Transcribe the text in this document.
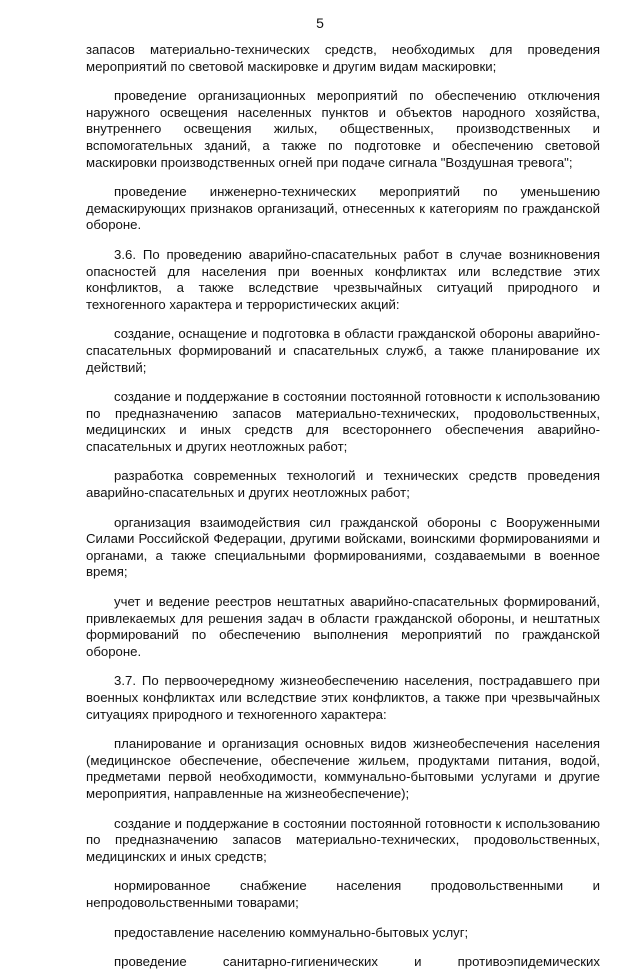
5

запасов материально-технических средств, необходимых для проведения мероприятий по световой маскировке и другим видам маскировки;

проведение организационных мероприятий по обеспечению отключения наружного освещения населенных пунктов и объектов народного хозяйства, внутреннего освещения жилых, общественных, производственных и вспомогательных зданий, а также по подготовке и обеспечению световой маскировки производственных огней при подаче сигнала "Воздушная тревога";

проведение инженерно-технических мероприятий по уменьшению демаскирующих признаков организаций, отнесенных к категориям по гражданской обороне.

3.6. По проведению аварийно-спасательных работ в случае возникновения опасностей для населения при военных конфликтах или вследствие этих конфликтов, а также вследствие чрезвычайных ситуаций природного и техногенного характера и террористических акций:

создание, оснащение и подготовка в области гражданской обороны аварийно-спасательных формирований и спасательных служб, а также планирование их действий;

создание и поддержание в состоянии постоянной готовности к использованию по предназначению запасов материально-технических, продовольственных, медицинских и иных средств для всестороннего обеспечения аварийно-спасательных и других неотложных работ;

разработка современных технологий и технических средств проведения аварийно-спасательных и других неотложных работ;

организация взаимодействия сил гражданской обороны с Вооруженными Силами Российской Федерации, другими войсками, воинскими формированиями и органами, а также специальными формированиями, создаваемыми в военное время;

учет и ведение реестров нештатных аварийно-спасательных формирований, привлекаемых для решения задач в области гражданской обороны, и нештатных формирований по обеспечению выполнения мероприятий по гражданской обороне.

3.7. По первоочередному жизнеобеспечению населения, пострадавшего при военных конфликтах или вследствие этих конфликтов, а также при чрезвычайных ситуациях природного и техногенного характера:

планирование и организация основных видов жизнеобеспечения населения (медицинское обеспечение, обеспечение жильем, продуктами питания, водой, предметами первой необходимости, коммунально-бытовыми услугами и другие мероприятия, направленные на жизнеобеспечение);

создание и поддержание в состоянии постоянной готовности к использованию по предназначению запасов материально-технических, продовольственных, медицинских и иных средств;

нормированное снабжение населения продовольственными и непродовольственными товарами;

предоставление населению коммунально-бытовых услуг;

проведение санитарно-гигиенических и противоэпидемических
